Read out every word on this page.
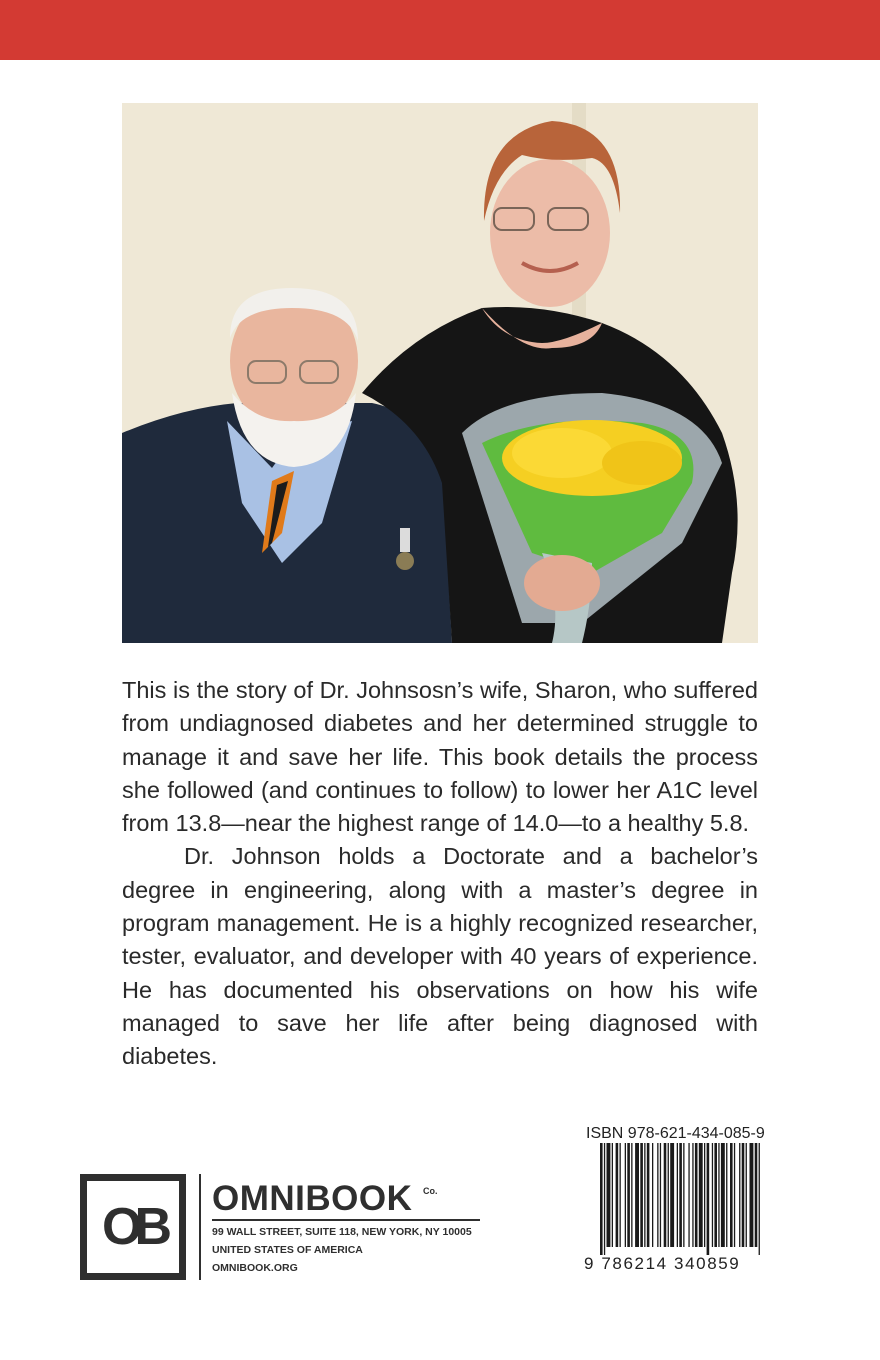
This is the story of Dr. Johnsosn’s wife, Sharon, who suffered from undiagnosed diabetes and her determined struggle to manage it and save her life. This book details the process she followed (and continues to follow) to lower her A1C level from 13.8—near the highest range of 14.0—to a healthy 5.8.

Dr. Johnson holds a Doctorate and a bachelor’s degree in engineering, along with a master’s degree in program management. He is a highly recognized researcher, tester, evaluator, and developer with 40 years of experience. He has documented his observations on how his wife managed to save her life after being diagnosed with diabetes.

OB	OMNIBOOK Co.
99 WALL STREET, SUITE 118, NEW YORK, NY 10005
UNITED STATES OF AMERICA
OMNIBOOK.ORG
ISBN 978-621-434-085-9
9 786214 340859
